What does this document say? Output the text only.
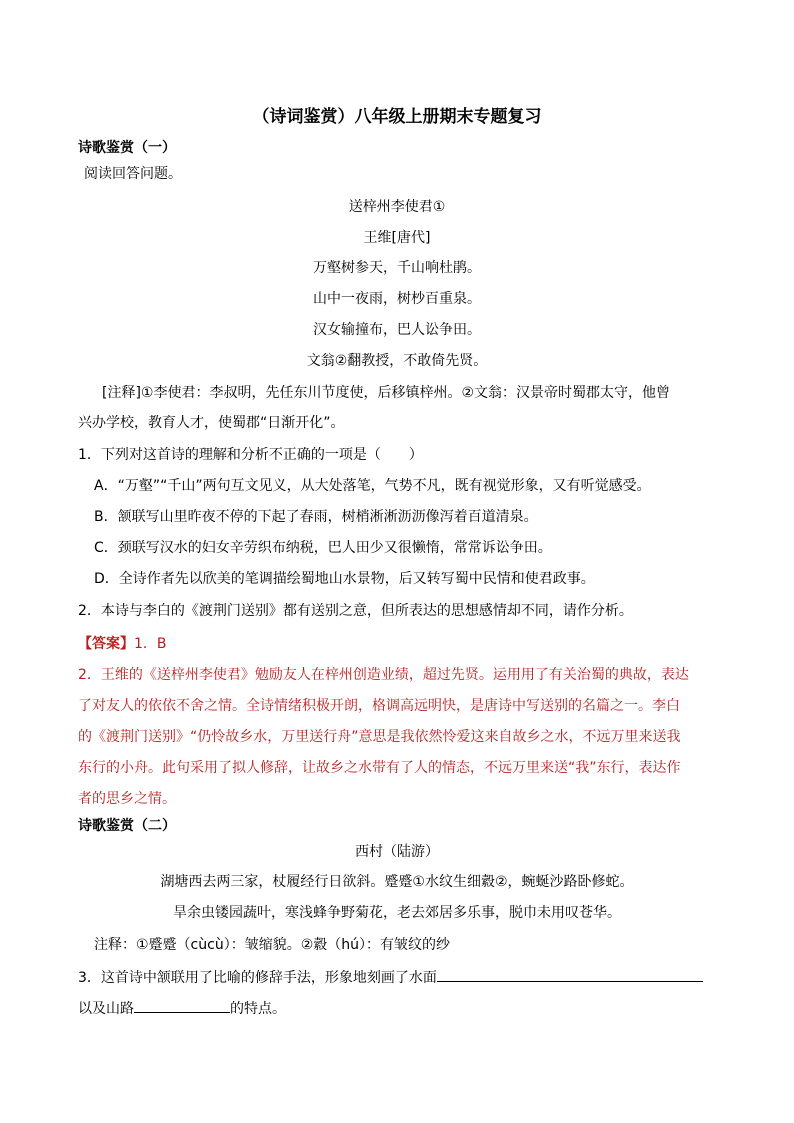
（诗词鉴赏）八年级上册期末专题复习
诗歌鉴赏（一）
阅读回答问题。
送梓州李使君①
王维[唐代]
万壑树参天，千山响杜鹃。
山中一夜雨，树杪百重泉。
汉女输撞布，巴人讼争田。
文翁②翻教授，不敢倚先贤。
[注释]①李使君：李叔明，先任东川节度使，后移镇梓州。②文翁：汉景帝时蜀郡太守，他曾
兴办学校，教育人才，使蜀郡“日渐开化”。
1．下列对这首诗的理解和分析不正确的一项是（　　）
A．“万壑”“千山”两句互文见义，从大处落笔，气势不凡，既有视觉形象，又有听觉感受。
B．颔联写山里昨夜不停的下起了春雨，树梢淅淅沥沥像泻着百道清泉。
C．颈联写汉水的妇女辛劳织布纳税，巴人田少又很懒惰，常常诉讼争田。
D．全诗作者先以欣美的笔调描绘蜀地山水景物，后又转写蜀中民情和使君政事。
2．本诗与李白的《渡荆门送别》都有送别之意，但所表达的思想感情却不同，请作分析。
【答案】1．B
2．王维的《送梓州李使君》勉励友人在梓州创造业绩，超过先贤。运用用了有关治蜀的典故，表达
了对友人的依依不舍之情。全诗情绪积极开朗，格调高远明快，是唐诗中写送别的名篇之一。李白
的《渡荆门送别》“仍怜故乡水，万里送行舟”意思是我依然怜爱这来自故乡之水，不远万里来送我
东行的小舟。此句采用了拟人修辞，让故乡之水带有了人的情态，不远万里来送“我”东行，表达作
者的思乡之情。
诗歌鉴赏（二）
西村（陆游）
湖塘西去两三家，杖履经行日欲斜。蹙蹙①水纹生细縠②，蜿蜒沙路卧修蛇。
旱余虫镂园蔬叶，寒浅蜂争野菊花，老去郊居多乐事，脱巾未用叹苍华。
注释：①蹙蹙（cùcù）：皱缩貌。②縠（hú）：有皱纹的纱
3．这首诗中颔联用了比喻的修辞手法，形象地刻画了水面
以及山路	的特点。
